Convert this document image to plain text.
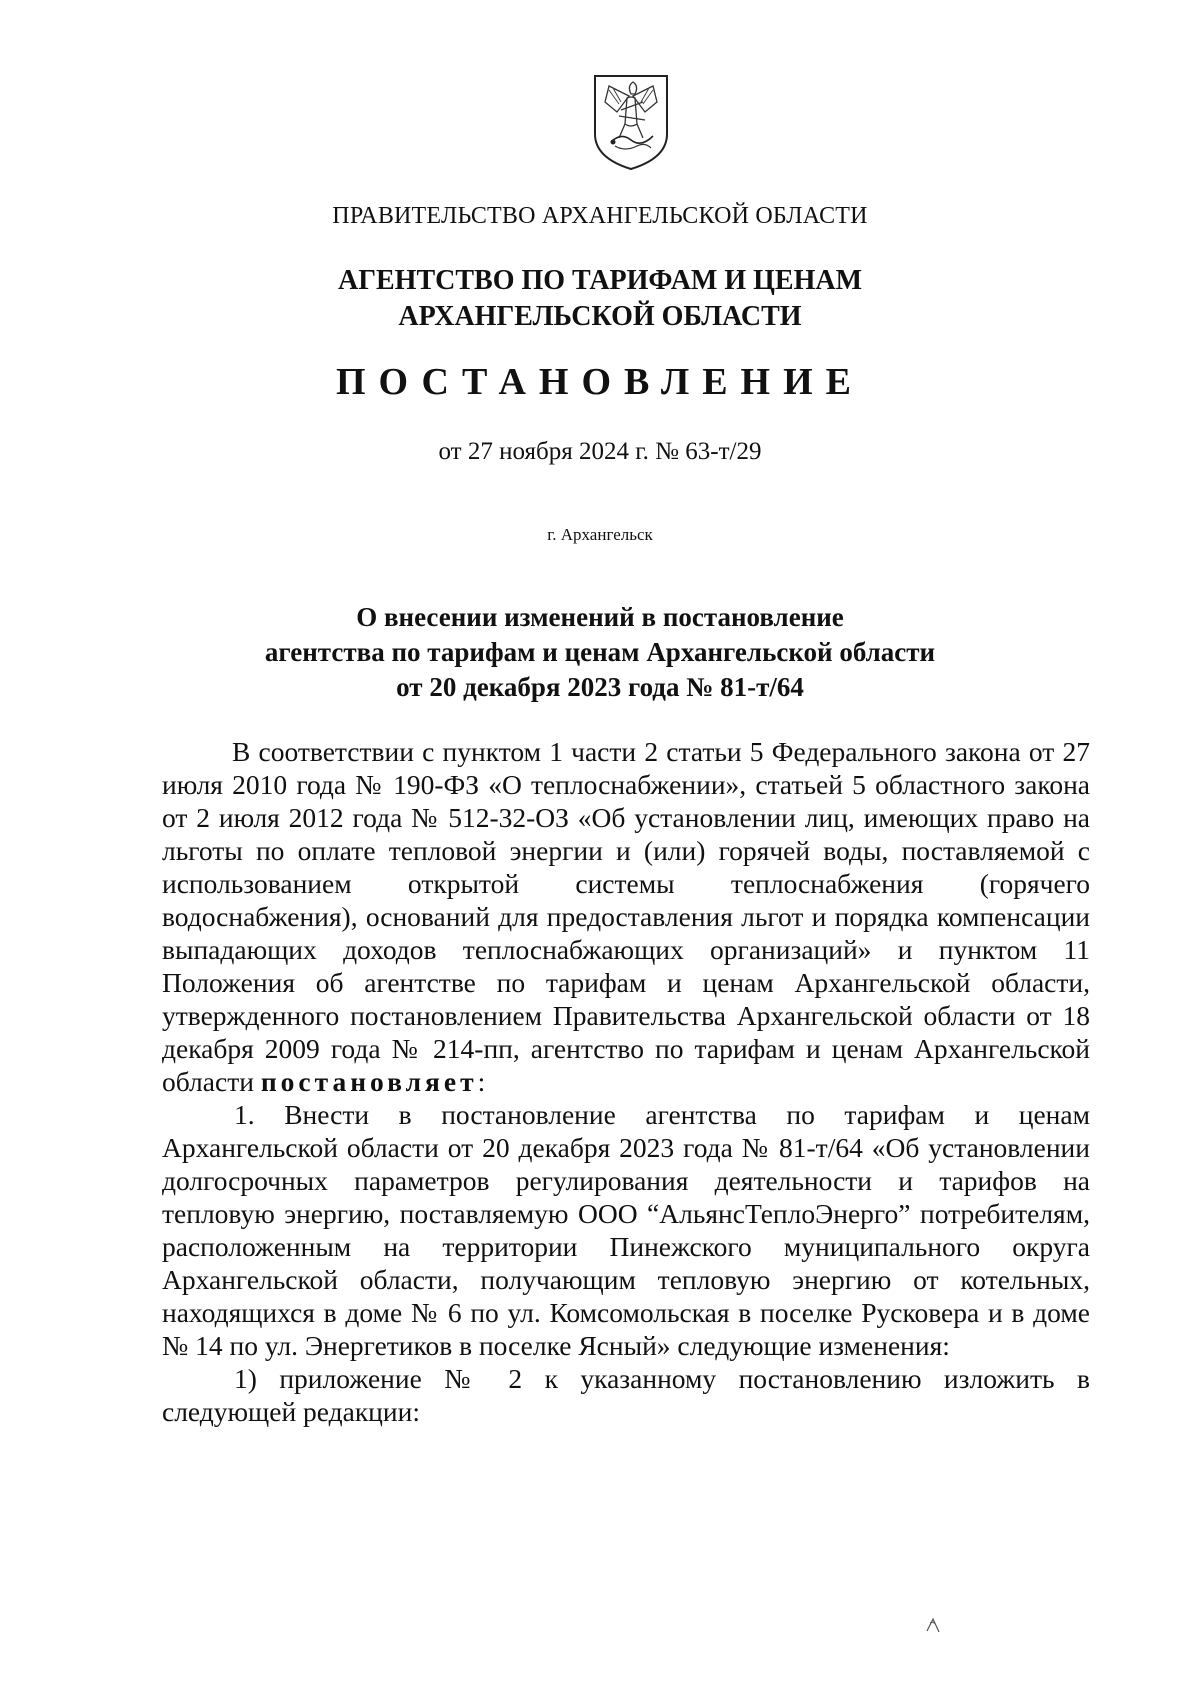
ПРАВИТЕЛЬСТВО АРХАНГЕЛЬСКОЙ ОБЛАСТИ
АГЕНТСТВО ПО ТАРИФАМ И ЦЕНАМ
АРХАНГЕЛЬСКОЙ ОБЛАСТИ
ПОСТАНОВЛЕНИЕ
от 27 ноября 2024 г. № 63-т/29
г. Архангельск
О внесении изменений в постановление
агентства по тарифам и ценам Архангельской области
от 20 декабря 2023 года № 81-т/64

В соответствии с пунктом 1 части 2 статьи 5 Федерального закона от 27 июля 2010 года № 190-ФЗ «О теплоснабжении», статьей 5 областного закона от 2 июля 2012 года № 512-32-ОЗ «Об установлении лиц, имеющих право на льготы по оплате тепловой энергии и (или) горячей воды, поставляемой с использованием открытой системы теплоснабжения (горячего водоснабжения), оснований для предоставления льгот и порядка компенсации выпадающих доходов теплоснабжающих организаций» и пунктом 11 Положения об агентстве по тарифам и ценам Архангельской области, утвержденного постановлением Правительства Архангельской области от 18 декабря 2009 года № 214-пп, агентство по тарифам и ценам Архангельской области постановляет:

1. Внести в постановление агентства по тарифам и ценам Архангельской области от 20 декабря 2023 года № 81-т/64 «Об установлении долгосрочных параметров регулирования деятельности и тарифов на тепловую энергию, поставляемую ООО “АльянсТеплоЭнерго” потребителям, расположенным на территории Пинежского муниципального округа Архангельской области, получающим тепловую энергию от котельных, находящихся в доме № 6 по ул. Комсомольская в поселке Русковера и в доме № 14 по ул. Энергетиков в поселке Ясный» следующие изменения:

1) приложение № 2 к указанному постановлению изложить в следующей редакции:
